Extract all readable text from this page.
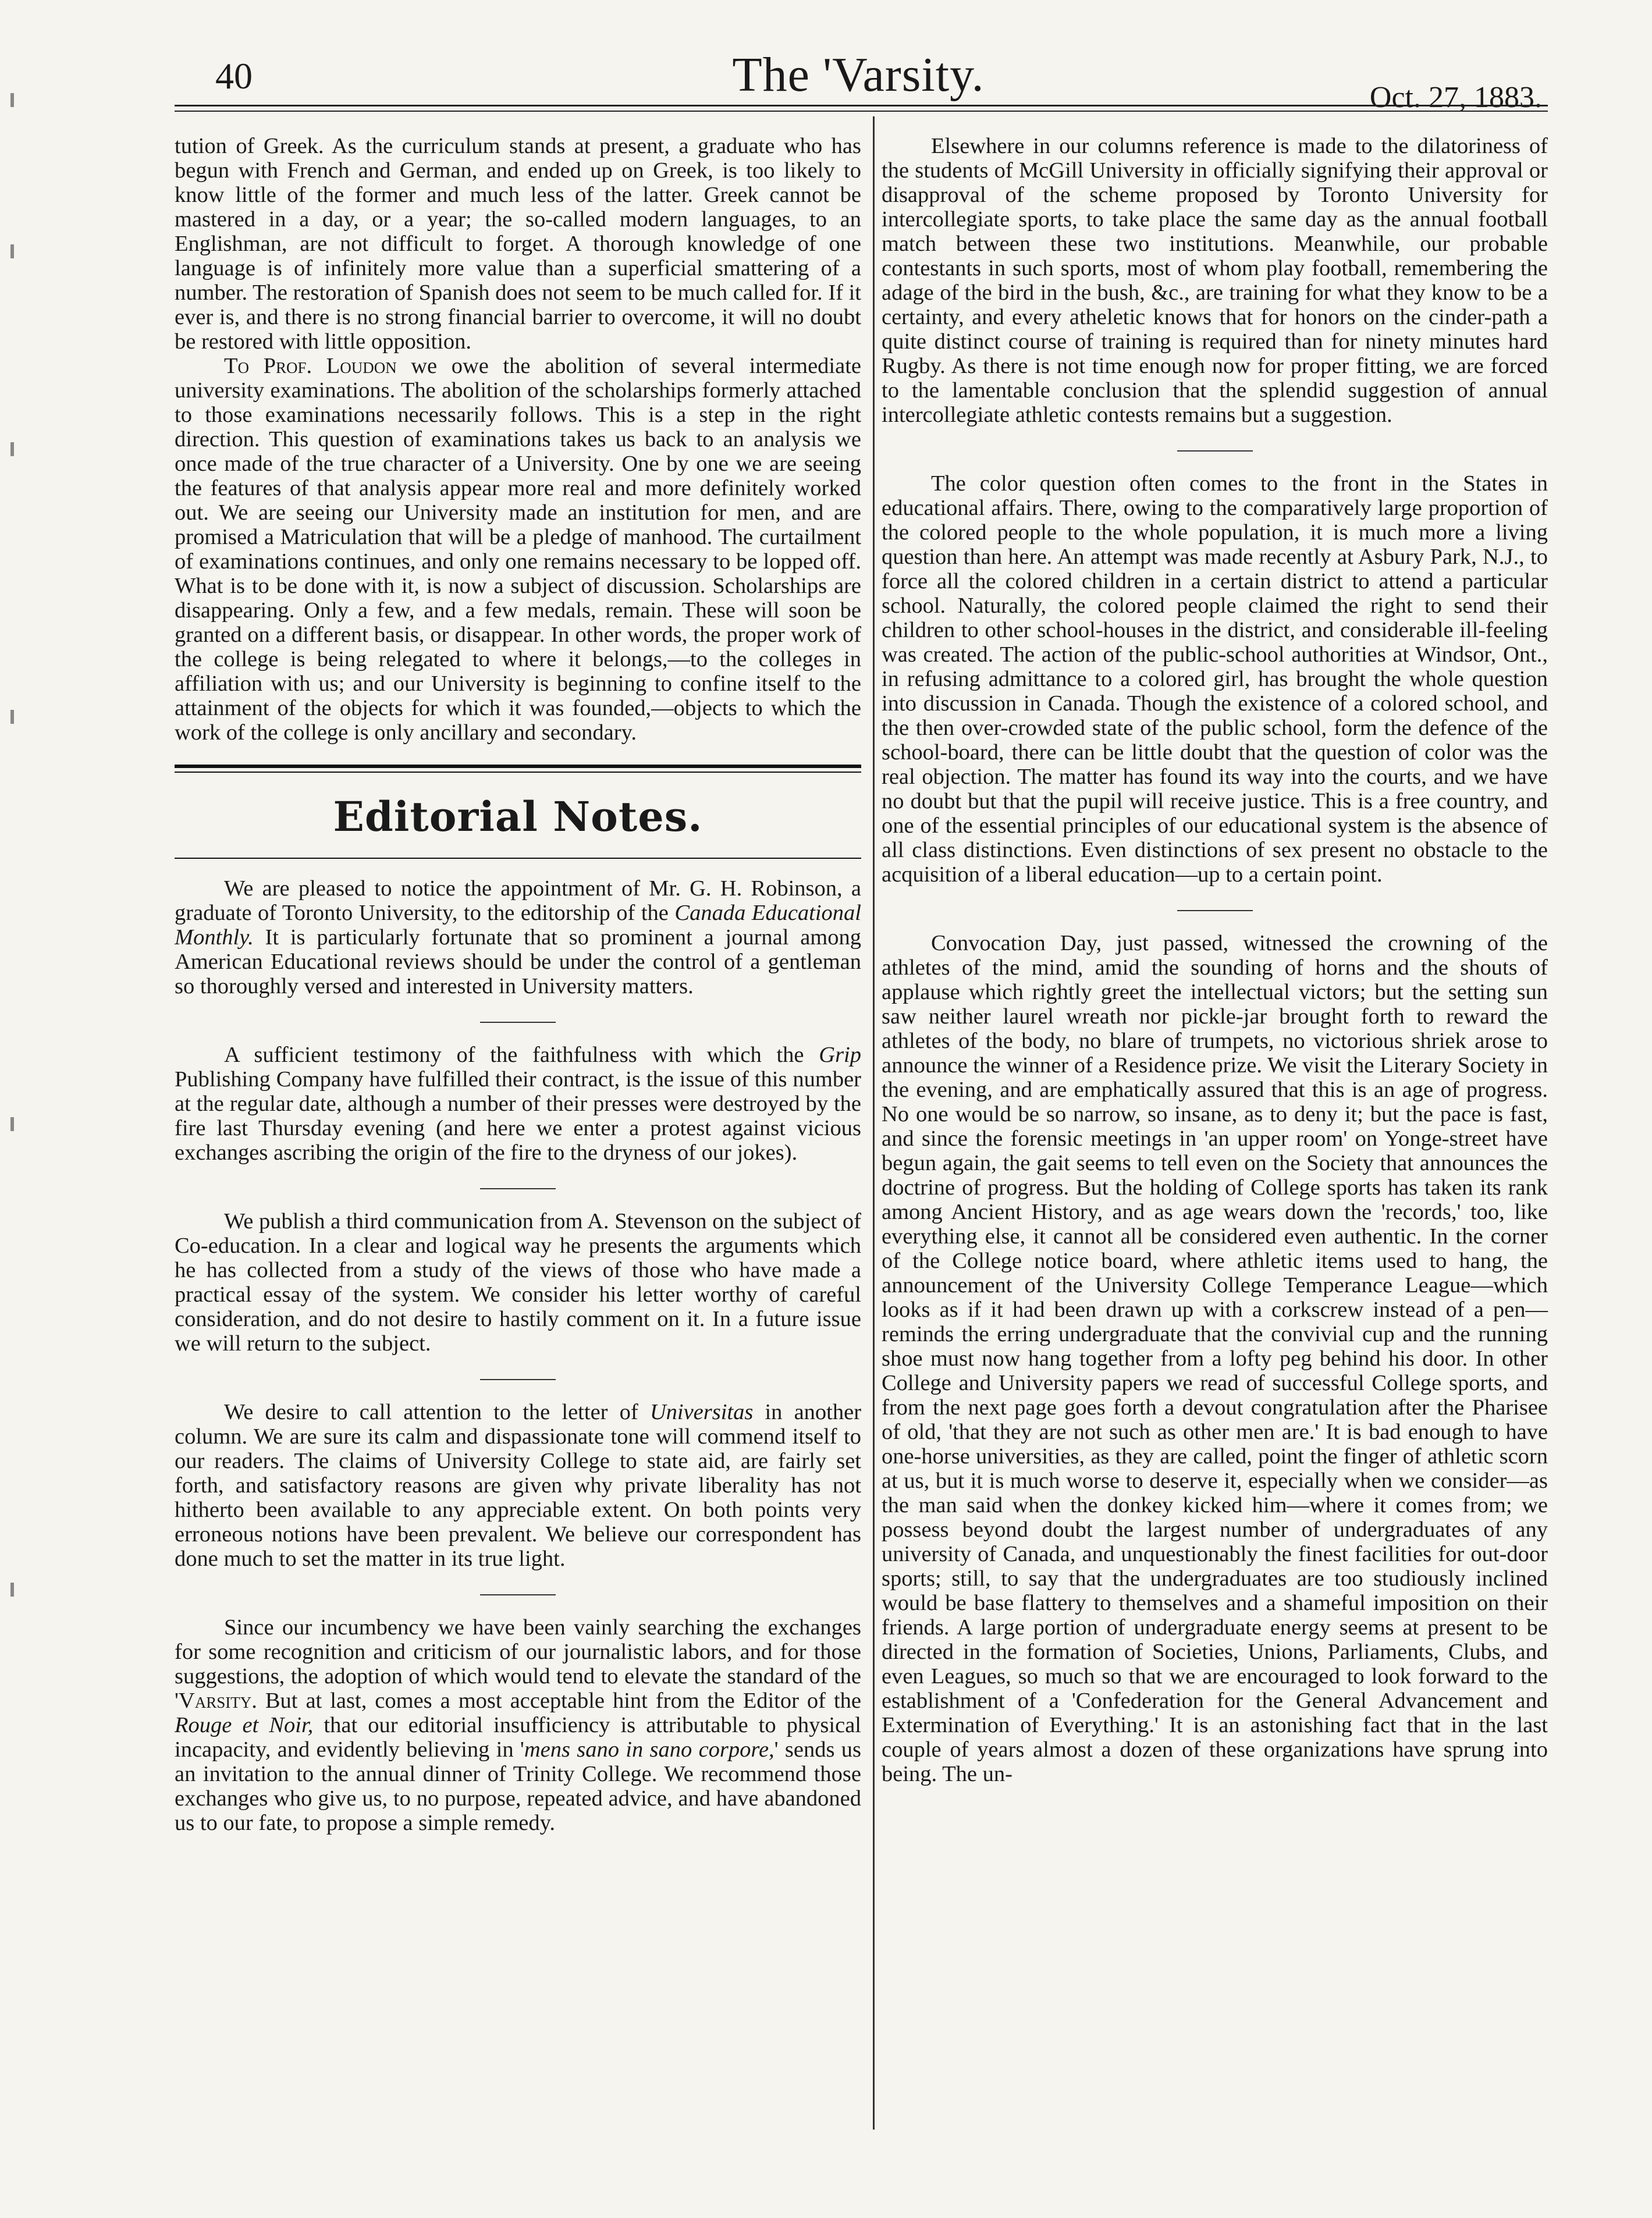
40	The 'Varsity.	Oct. 27, 1883.

tution of Greek. As the curriculum stands at present, a graduate who has begun with French and German, and ended up on Greek, is too likely to know little of the former and much less of the latter. Greek cannot be mastered in a day, or a year; the so-called modern languages, to an Englishman, are not difficult to forget. A thorough knowledge of one language is of infinitely more value than a superficial smattering of a number. The restoration of Spanish does not seem to be much called for. If it ever is, and there is no strong financial barrier to overcome, it will no doubt be restored with little opposition.

To Prof. Loudon we owe the abolition of several intermediate university examinations. The abolition of the scholarships formerly attached to those examinations necessarily follows. This is a step in the right direction. This question of examinations takes us back to an analysis we once made of the true character of a University. One by one we are seeing the features of that analysis appear more real and more definitely worked out. We are seeing our University made an institution for men, and are promised a Matriculation that will be a pledge of manhood. The curtailment of examinations continues, and only one remains necessary to be lopped off. What is to be done with it, is now a subject of discussion. Scholarships are disappearing. Only a few, and a few medals, remain. These will soon be granted on a different basis, or disappear. In other words, the proper work of the college is being relegated to where it belongs,—to the colleges in affiliation with us; and our University is beginning to confine itself to the attainment of the objects for which it was founded,—objects to which the work of the college is only ancillary and secondary.

Editorial Notes.

We are pleased to notice the appointment of Mr. G. H. Robinson, a graduate of Toronto University, to the editorship of the Canada Educational Monthly. It is particularly fortunate that so prominent a journal among American Educational reviews should be under the control of a gentleman so thoroughly versed and interested in University matters.

A sufficient testimony of the faithfulness with which the Grip Publishing Company have fulfilled their contract, is the issue of this number at the regular date, although a number of their presses were destroyed by the fire last Thursday evening (and here we enter a protest against vicious exchanges ascribing the origin of the fire to the dryness of our jokes).

We publish a third communication from A. Stevenson on the subject of Co-education. In a clear and logical way he presents the arguments which he has collected from a study of the views of those who have made a practical essay of the system. We consider his letter worthy of careful consideration, and do not desire to hastily comment on it. In a future issue we will return to the subject.

We desire to call attention to the letter of Universitas in another column. We are sure its calm and dispassionate tone will commend itself to our readers. The claims of University College to state aid, are fairly set forth, and satisfactory reasons are given why private liberality has not hitherto been available to any appreciable extent. On both points very erroneous notions have been prevalent. We believe our correspondent has done much to set the matter in its true light.

Since our incumbency we have been vainly searching the exchanges for some recognition and criticism of our journalistic labors, and for those suggestions, the adoption of which would tend to elevate the standard of the 'Varsity. But at last, comes a most acceptable hint from the Editor of the Rouge et Noir, that our editorial insufficiency is attributable to physical incapacity, and evidently believing in 'mens sano in sano corpore,' sends us an invitation to the annual dinner of Trinity College. We recommend those exchanges who give us, to no purpose, repeated advice, and have abandoned us to our fate, to propose a simple remedy.

Elsewhere in our columns reference is made to the dilatoriness of the students of McGill University in officially signifying their approval or disapproval of the scheme proposed by Toronto University for intercollegiate sports, to take place the same day as the annual football match between these two institutions. Meanwhile, our probable contestants in such sports, most of whom play football, remembering the adage of the bird in the bush, &c., are training for what they know to be a certainty, and every atheletic knows that for honors on the cinder-path a quite distinct course of training is required than for ninety minutes hard Rugby. As there is not time enough now for proper fitting, we are forced to the lamentable conclusion that the splendid suggestion of annual intercollegiate athletic contests remains but a suggestion.

The color question often comes to the front in the States in educational affairs. There, owing to the comparatively large proportion of the colored people to the whole population, it is much more a living question than here. An attempt was made recently at Asbury Park, N.J., to force all the colored children in a certain district to attend a particular school. Naturally, the colored people claimed the right to send their children to other school-houses in the district, and considerable ill-feeling was created. The action of the public-school authorities at Windsor, Ont., in refusing admittance to a colored girl, has brought the whole question into discussion in Canada. Though the existence of a colored school, and the then over-crowded state of the public school, form the defence of the school-board, there can be little doubt that the question of color was the real objection. The matter has found its way into the courts, and we have no doubt but that the pupil will receive justice. This is a free country, and one of the essential principles of our educational system is the absence of all class distinctions. Even distinctions of sex present no obstacle to the acquisition of a liberal education—up to a certain point.

Convocation Day, just passed, witnessed the crowning of the athletes of the mind, amid the sounding of horns and the shouts of applause which rightly greet the intellectual victors; but the setting sun saw neither laurel wreath nor pickle-jar brought forth to reward the athletes of the body, no blare of trumpets, no victorious shriek arose to announce the winner of a Residence prize. We visit the Literary Society in the evening, and are emphatically assured that this is an age of progress. No one would be so narrow, so insane, as to deny it; but the pace is fast, and since the forensic meetings in 'an upper room' on Yonge-street have begun again, the gait seems to tell even on the Society that announces the doctrine of progress. But the holding of College sports has taken its rank among Ancient History, and as age wears down the 'records,' too, like everything else, it cannot all be considered even authentic. In the corner of the College notice board, where athletic items used to hang, the announcement of the University College Temperance League—which looks as if it had been drawn up with a corkscrew instead of a pen—reminds the erring undergraduate that the convivial cup and the running shoe must now hang together from a lofty peg behind his door. In other College and University papers we read of successful College sports, and from the next page goes forth a devout congratulation after the Pharisee of old, 'that they are not such as other men are.' It is bad enough to have one-horse universities, as they are called, point the finger of athletic scorn at us, but it is much worse to deserve it, especially when we consider—as the man said when the donkey kicked him—where it comes from; we possess beyond doubt the largest number of undergraduates of any university of Canada, and unquestionably the finest facilities for out-door sports; still, to say that the undergraduates are too studiously inclined would be base flattery to themselves and a shameful imposition on their friends. A large portion of undergraduate energy seems at present to be directed in the formation of Societies, Unions, Parliaments, Clubs, and even Leagues, so much so that we are encouraged to look forward to the establishment of a 'Confederation for the General Advancement and Extermination of Everything.' It is an astonishing fact that in the last couple of years almost a dozen of these organizations have sprung into being. The un-
